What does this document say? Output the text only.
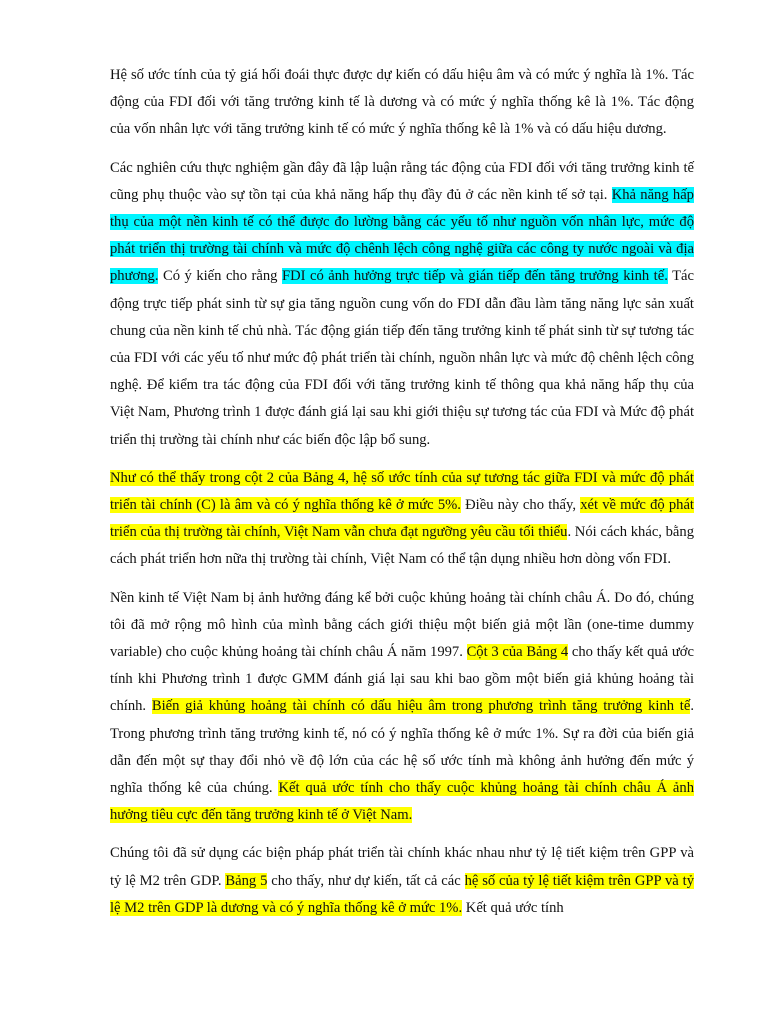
Hệ số ước tính của tỷ giá hối đoái thực được dự kiến có dấu hiệu âm và có mức ý nghĩa là 1%. Tác động của FDI đối với tăng trưởng kinh tế là dương và có mức ý nghĩa thống kê là 1%. Tác động của vốn nhân lực với tăng trưởng kinh tế có mức ý nghĩa thống kê là 1% và có dấu hiệu dương.

Các nghiên cứu thực nghiệm gần đây đã lập luận rằng tác động của FDI đối với tăng trưởng kinh tế cũng phụ thuộc vào sự tồn tại của khả năng hấp thụ đầy đủ ở các nền kinh tế sở tại. Khả năng hấp thụ của một nền kinh tế có thể được đo lường bằng các yếu tố như nguồn vốn nhân lực, mức độ phát triển thị trường tài chính và mức độ chênh lệch công nghệ giữa các công ty nước ngoài và địa phương. Có ý kiến cho rằng FDI có ảnh hưởng trực tiếp và gián tiếp đến tăng trưởng kinh tế. Tác động trực tiếp phát sinh từ sự gia tăng nguồn cung vốn do FDI dẫn đầu làm tăng năng lực sản xuất chung của nền kinh tế chủ nhà. Tác động gián tiếp đến tăng trưởng kinh tế phát sinh từ sự tương tác của FDI với các yếu tố như mức độ phát triển tài chính, nguồn nhân lực và mức độ chênh lệch công nghệ. Để kiểm tra tác động của FDI đối với tăng trưởng kinh tế thông qua khả năng hấp thụ của Việt Nam, Phương trình 1 được đánh giá lại sau khi giới thiệu sự tương tác của FDI và Mức độ phát triển thị trường tài chính như các biến độc lập bổ sung.

Như có thể thấy trong cột 2 của Bảng 4, hệ số ước tính của sự tương tác giữa FDI và mức độ phát triển tài chính (C) là âm và có ý nghĩa thống kê ở mức 5%. Điều này cho thấy, xét về mức độ phát triển của thị trường tài chính, Việt Nam vẫn chưa đạt ngưỡng yêu cầu tối thiểu. Nói cách khác, bằng cách phát triển hơn nữa thị trường tài chính, Việt Nam có thể tận dụng nhiều hơn dòng vốn FDI.

Nền kinh tế Việt Nam bị ảnh hưởng đáng kể bởi cuộc khủng hoảng tài chính châu Á. Do đó, chúng tôi đã mở rộng mô hình của mình bằng cách giới thiệu một biến giả một lần (one-time dummy variable) cho cuộc khủng hoảng tài chính châu Á năm 1997. Cột 3 của Bảng 4 cho thấy kết quả ước tính khi Phương trình 1 được GMM đánh giá lại sau khi bao gồm một biến giả khủng hoảng tài chính. Biến giả khủng hoảng tài chính có dấu hiệu âm trong phương trình tăng trưởng kinh tế. Trong phương trình tăng trưởng kinh tế, nó có ý nghĩa thống kê ở mức 1%. Sự ra đời của biến giả dẫn đến một sự thay đổi nhỏ về độ lớn của các hệ số ước tính mà không ảnh hưởng đến mức ý nghĩa thống kê của chúng. Kết quả ước tính cho thấy cuộc khủng hoảng tài chính châu Á ảnh hưởng tiêu cực đến tăng trưởng kinh tế ở Việt Nam.

Chúng tôi đã sử dụng các biện pháp phát triển tài chính khác nhau như tỷ lệ tiết kiệm trên GPP và tỷ lệ M2 trên GDP. Bảng 5 cho thấy, như dự kiến, tất cả các hệ số của tỷ lệ tiết kiệm trên GPP và tỷ lệ M2 trên GDP là dương và có ý nghĩa thống kê ở mức 1%. Kết quả ước tính
